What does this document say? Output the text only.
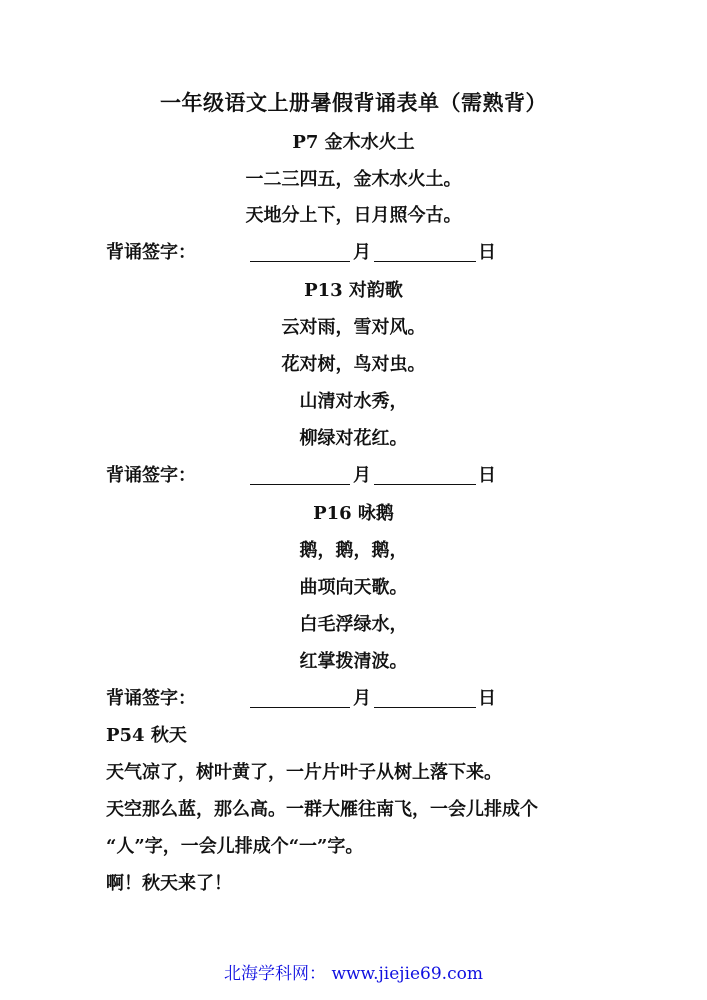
一年级语文上册暑假背诵表单（需熟背）
P7 金木水火土
一二三四五，金木水火土。
天地分上下，日月照今古。
背诵签字：	月	日
P13 对韵歌
云对雨，雪对风。
花对树，鸟对虫。
山清对水秀，
柳绿对花红。
背诵签字：	月	日
P16 咏鹅
鹅，鹅，鹅，
曲项向天歌。
白毛浮绿水，
红掌拨清波。
背诵签字：	月	日
P54 秋天
天气凉了，树叶黄了，一片片叶子从树上落下来。
天空那么蓝，那么高。一群大雁往南飞，一会儿排成个
“人”字，一会儿排成个“一”字。
啊！秋天来了！
北海学科网： www.jiejie69.com
